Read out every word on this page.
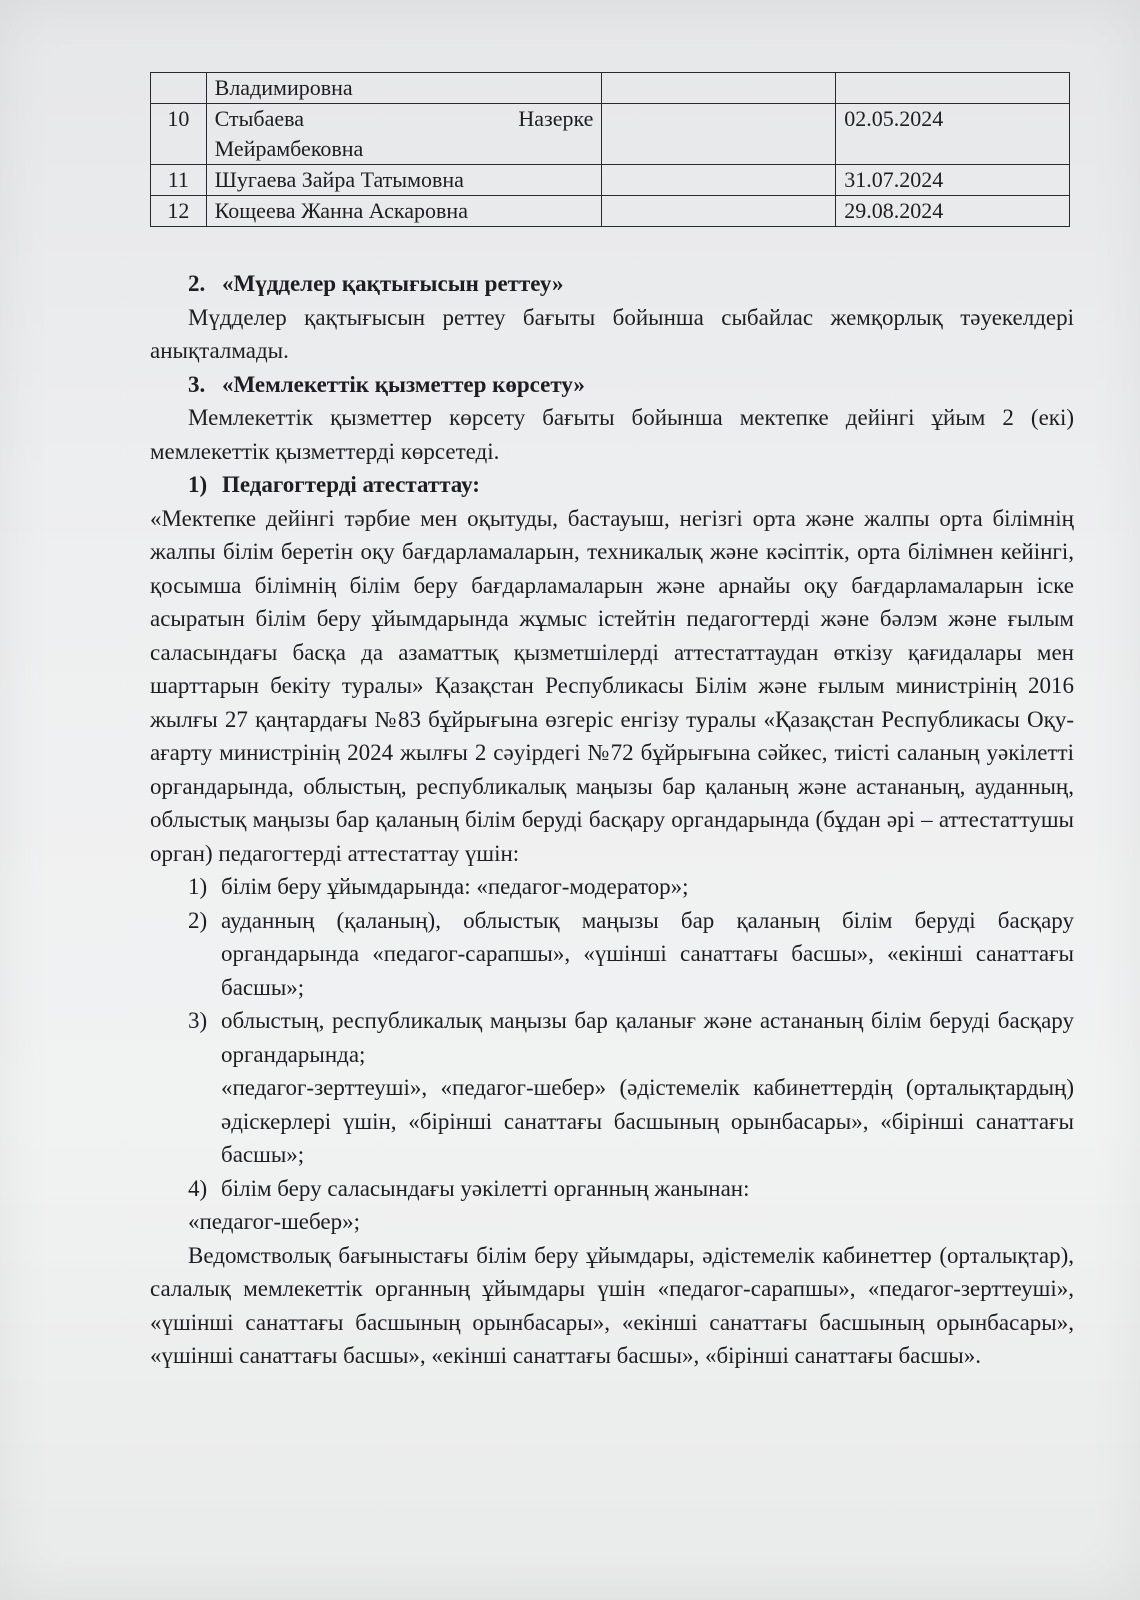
	Владимировна		

10	Стыбаева Назерке
Мейрамбековна		02.05.2024
11	Шугаева Зайра Татымовна		31.07.2024
12	Кощеева Жанна Аскаровна		29.08.2024

2. «Мүдделер қақтығысын реттеу»

Мүдделер қақтығысын реттеу бағыты бойынша сыбайлас жемқорлық тәуекелдері анықталмады.

3. «Мемлекеттік қызметтер көрсету»

Мемлекеттік қызметтер көрсету бағыты бойынша мектепке дейінгі ұйым 2 (екі) мемлекеттік қызметтерді көрсетеді.

1) Педагогтерді атестаттау:

«Мектепке дейінгі тәрбие мен оқытуды, бастауыш, негізгі орта және жалпы орта білімнің жалпы білім беретін оқу бағдарламаларын, техникалық және кәсіптік, орта білімнен кейінгі, қосымша білімнің білім беру бағдарламаларын және арнайы оқу бағдарламаларын іске асыратын білім беру ұйымдарында жұмыс істейтін педагогтерді және бәлэм және ғылым саласындағы басқа да азаматтық қызметшілерді аттестаттаудан өткізу қағидалары мен шарттарын бекіту туралы» Қазақстан Республикасы Білім және ғылым министрінің 2016 жылғы 27 қаңтардағы №83 бұйрығына өзгеріс енгізу туралы «Қазақстан Республикасы Оқу-ағарту министрінің 2024 жылғы 2 сәуірдегі №72 бұйрығына сәйкес, тиісті саланың уәкілетті органдарында, облыстың, республикалық маңызы бар қаланың және астананың, ауданның, облыстық маңызы бар қаланың білім беруді басқару органдарында (бұдан әрі – аттестаттушы орган) педагогтерді аттестаттау үшін:

1) білім беру ұйымдарында: «педагог-модератор»;
2) ауданның (қаланың), облыстық маңызы бар қаланың білім беруді басқару органдарында «педагог-сарапшы», «үшінші санаттағы басшы», «екінші санаттағы басшы»;
3) облыстың, республикалық маңызы бар қаланығ және астананың білім беруді басқару органдарында;

«педагог-зерттеуші», «педагог-шебер» (әдістемелік кабинеттердің (орталықтардың) әдіскерлері үшін, «бірінші санаттағы басшының орынбасары», «бірінші санаттағы басшы»;

4) білім беру саласындағы уәкілетті органның жанынан:

«педагог-шебер»;

Ведомстволық бағыныстағы білім беру ұйымдары, әдістемелік кабинеттер (орталықтар), салалық мемлекеттік органның ұйымдары үшін «педагог-сарапшы», «педагог-зерттеуші», «үшінші санаттағы басшының орынбасары», «екінші санаттағы басшының орынбасары», «үшінші санаттағы басшы», «екінші санаттағы басшы», «бірінші санаттағы басшы».
